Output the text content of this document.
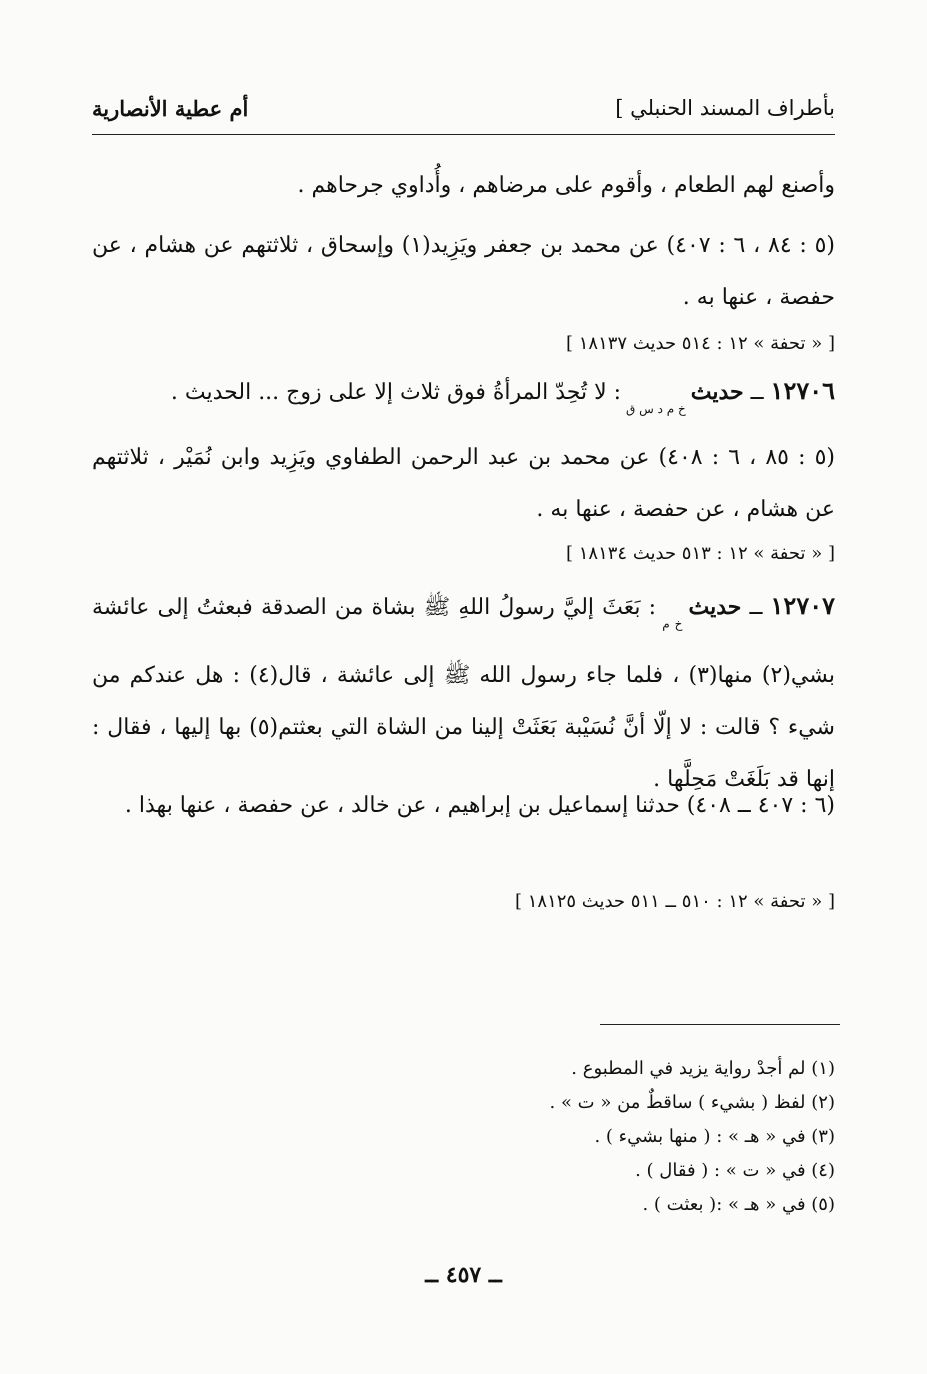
بأطراف المسند الحنبلي ]
أم عطية الأنصارية
وأصنع لهم الطعام ، وأقوم على مرضاهم ، وأُداوي جرحاهم .
(٥ : ٨٤ ، ٦ : ٤٠٧) عن محمد بن جعفر ويَزِيد(١) وإسحاق ، ثلاثتهم عن هشام ، عن حفصة ، عنها به .
[ « تحفة » ١٢ : ٥١٤ حديث ١٨١٣٧ ]
١٢٧٠٦ ــ حديث $_{خ م د س ق}$ : لا تُحِدّ المرأةُ فوق ثلاث إلا على زوج ... الحديث .
(٥ : ٨٥ ، ٦ : ٤٠٨) عن محمد بن عبد الرحمن الطفاوي ويَزِيد وابن نُمَيْر ، ثلاثتهم عن هشام ، عن حفصة ، عنها به .
[ « تحفة » ١٢ : ٥١٣ حديث ١٨١٣٤ ]
١٢٧٠٧ ــ حديث $_{خ م}$ : بَعَثَ إليَّ رسولُ اللهِ ﷺ بشاة من الصدقة فبعثتُ إلى عائشة بشي(٢) منها(٣) ، فلما جاء رسول الله ﷺ إلى عائشة ، قال(٤) : هل عندكم من شيء ؟ قالت : لا إلّا أنَّ نُسَيْبة بَعَثَتْ إلينا من الشاة التي بعثتم(٥) بها إليها ، فقال : إنها قد بَلَغَتْ مَحِلَّها .
(٦ : ٤٠٧ ــ ٤٠٨) حدثنا إسماعيل بن إبراهيم ، عن خالد ، عن حفصة ، عنها بهذا .
[ « تحفة » ١٢ : ٥١٠ ــ ٥١١ حديث ١٨١٢٥ ]
(١) لم أجدْ رواية يزيد في المطبوع .
(٢) لفظ ( بشيء ) ساقطٌ من « ت » .
(٣) في « هـ » : ( منها بشيء ) .
(٤) في « ت » : ( فقال ) .
(٥) في « هـ » :( بعثت ) .
ــ ٤٥٧ ــ
